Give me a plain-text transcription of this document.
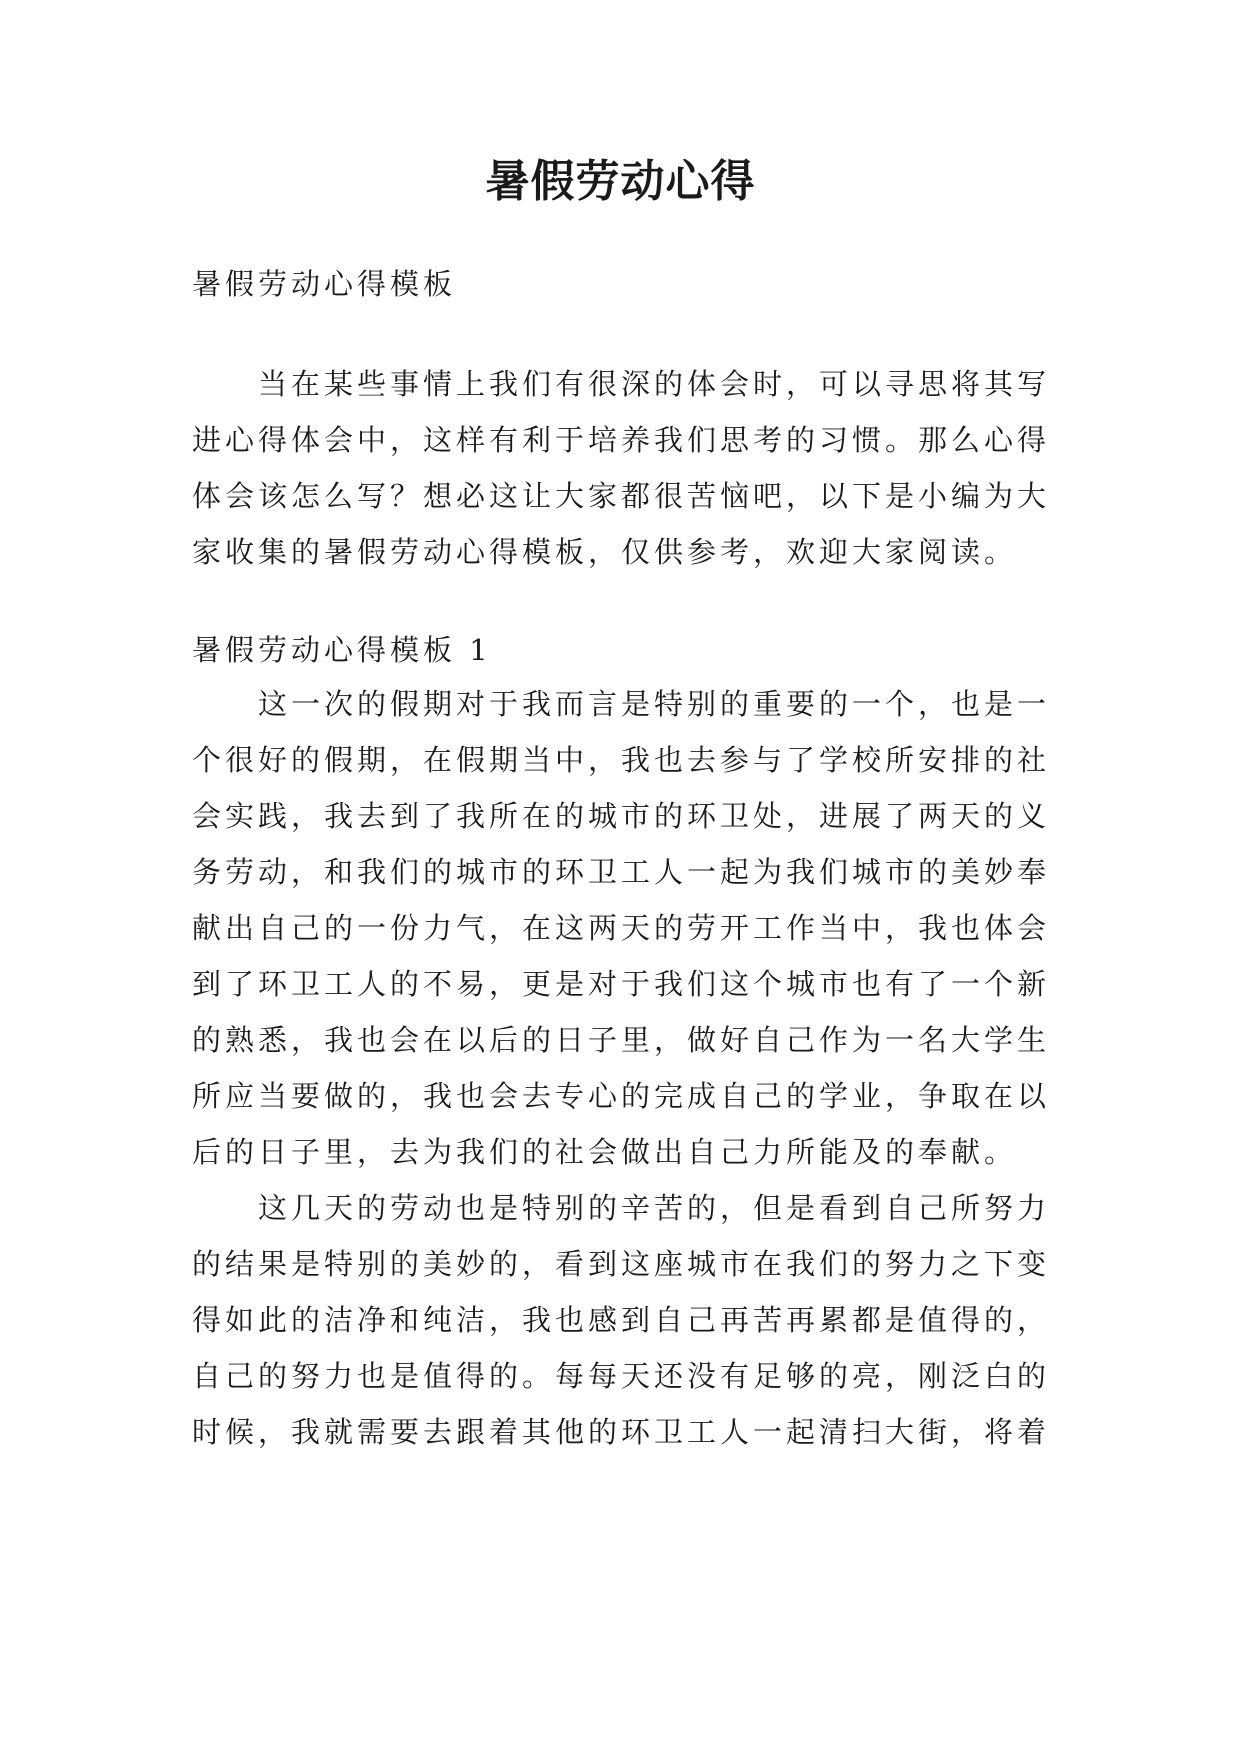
暑假劳动心得
暑假劳动心得模板
当在某些事情上我们有很深的体会时，可以寻思将其写
进心得体会中，这样有利于培养我们思考的习惯。那么心得
体会该怎么写？想必这让大家都很苦恼吧，以下是小编为大
家收集的暑假劳动心得模板，仅供参考，欢迎大家阅读。
暑假劳动心得模板 1
这一次的假期对于我而言是特别的重要的一个，也是一
个很好的假期，在假期当中，我也去参与了学校所安排的社
会实践，我去到了我所在的城市的环卫处，进展了两天的义
务劳动，和我们的城市的环卫工人一起为我们城市的美妙奉
献出自己的一份力气，在这两天的劳开工作当中，我也体会
到了环卫工人的不易，更是对于我们这个城市也有了一个新
的熟悉，我也会在以后的日子里，做好自己作为一名大学生
所应当要做的，我也会去专心的完成自己的学业，争取在以
后的日子里，去为我们的社会做出自己力所能及的奉献。
这几天的劳动也是特别的辛苦的，但是看到自己所努力
的结果是特别的美妙的，看到这座城市在我们的努力之下变
得如此的洁净和纯洁，我也感到自己再苦再累都是值得的，
自己的努力也是值得的。每每天还没有足够的亮，刚泛白的
时候，我就需要去跟着其他的环卫工人一起清扫大街，将着
